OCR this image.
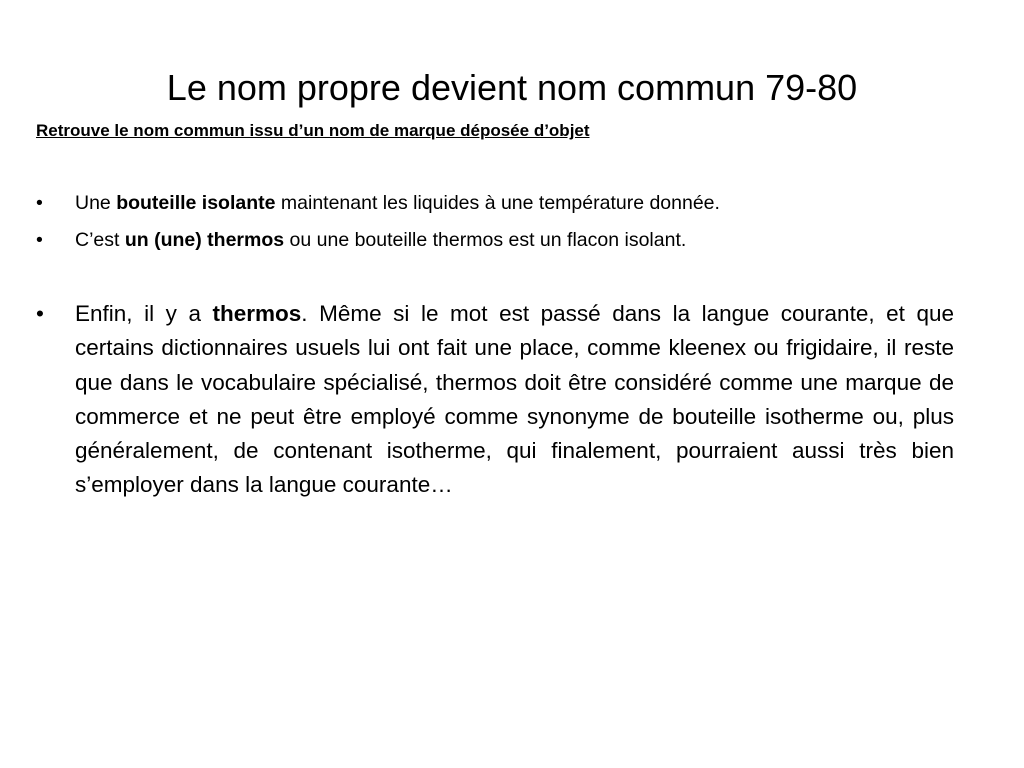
Le nom propre devient nom commun 79-80

Retrouve le nom commun issu d’un nom de marque déposée d’objet

•	Une bouteille isolante maintenant les liquides à une température donnée.
•	C’est un (une) thermos ou une bouteille thermos est un flacon isolant.
•	Enfin, il y a thermos. Même si le mot est passé dans la langue courante, et que certains dictionnaires usuels lui ont fait une place, comme kleenex ou frigidaire, il reste que dans le vocabulaire spécialisé, thermos doit être considéré comme une marque de commerce et ne peut être employé comme synonyme de bouteille isotherme ou, plus généralement, de contenant isotherme, qui finalement, pourraient aussi très bien s’employer dans la langue courante…
